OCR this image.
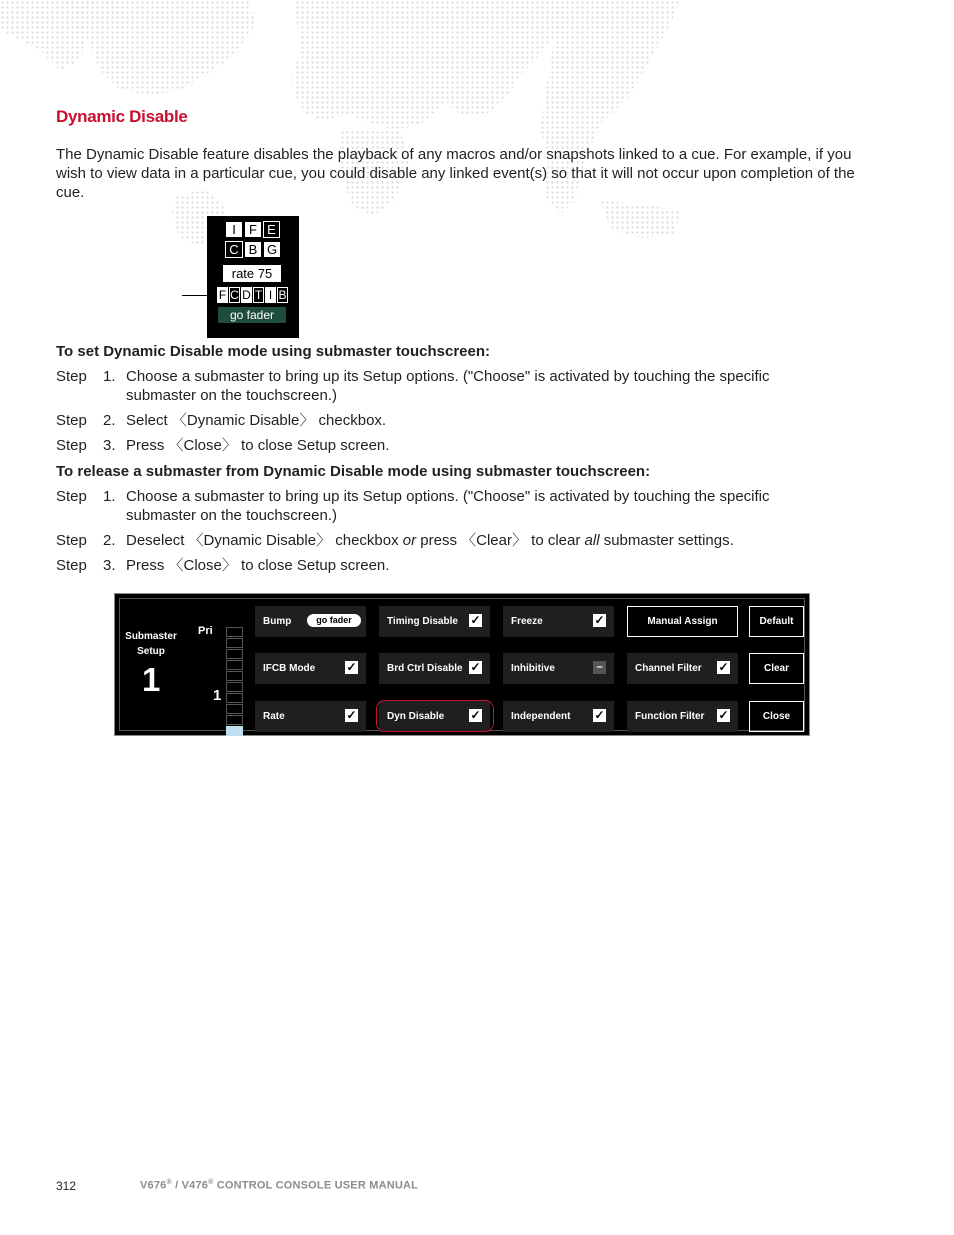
Dynamic Disable
The Dynamic Disable feature disables the playback of any macros and/or snapshots linked to a cue. For example, if you wish to view data in a particular cue, you could disable any linked event(s) so that it will not occur upon completion of the cue.
I	F E
C B G
rate 75
F C D T I B
go fader
To set Dynamic Disable mode using submaster touchscreen:
Step 1. Choose a submaster to bring up its Setup options. ("Choose" is activated by touching the specific submaster on the touchscreen.)
Step 2. Select 〈Dynamic Disable〉 checkbox.
Step 3. Press 〈Close〉 to close Setup screen.
To release a submaster from Dynamic Disable mode using submaster touchscreen:
Step 1. Choose a submaster to bring up its Setup options. ("Choose" is activated by touching the specific submaster on the touchscreen.)
Step 2. Deselect 〈Dynamic Disable〉 checkbox or press 〈Clear〉 to clear all submaster settings.
Step 3. Press 〈Close〉 to close Setup screen.
Submaster
Setup
1
Pri
1
Bump	go fader
IFCB Mode	✓
Rate	✓
Timing Disable ✓
Brd Ctrl Disable ✓
Dyn Disable ✓
Freeze	✓
Inhibitive	–
Independent ✓
Manual Assign
Channel Filter ✓
Function Filter ✓
Default
Clear
Close
312	V676® / V476® CONTROL CONSOLE USER MANUAL
